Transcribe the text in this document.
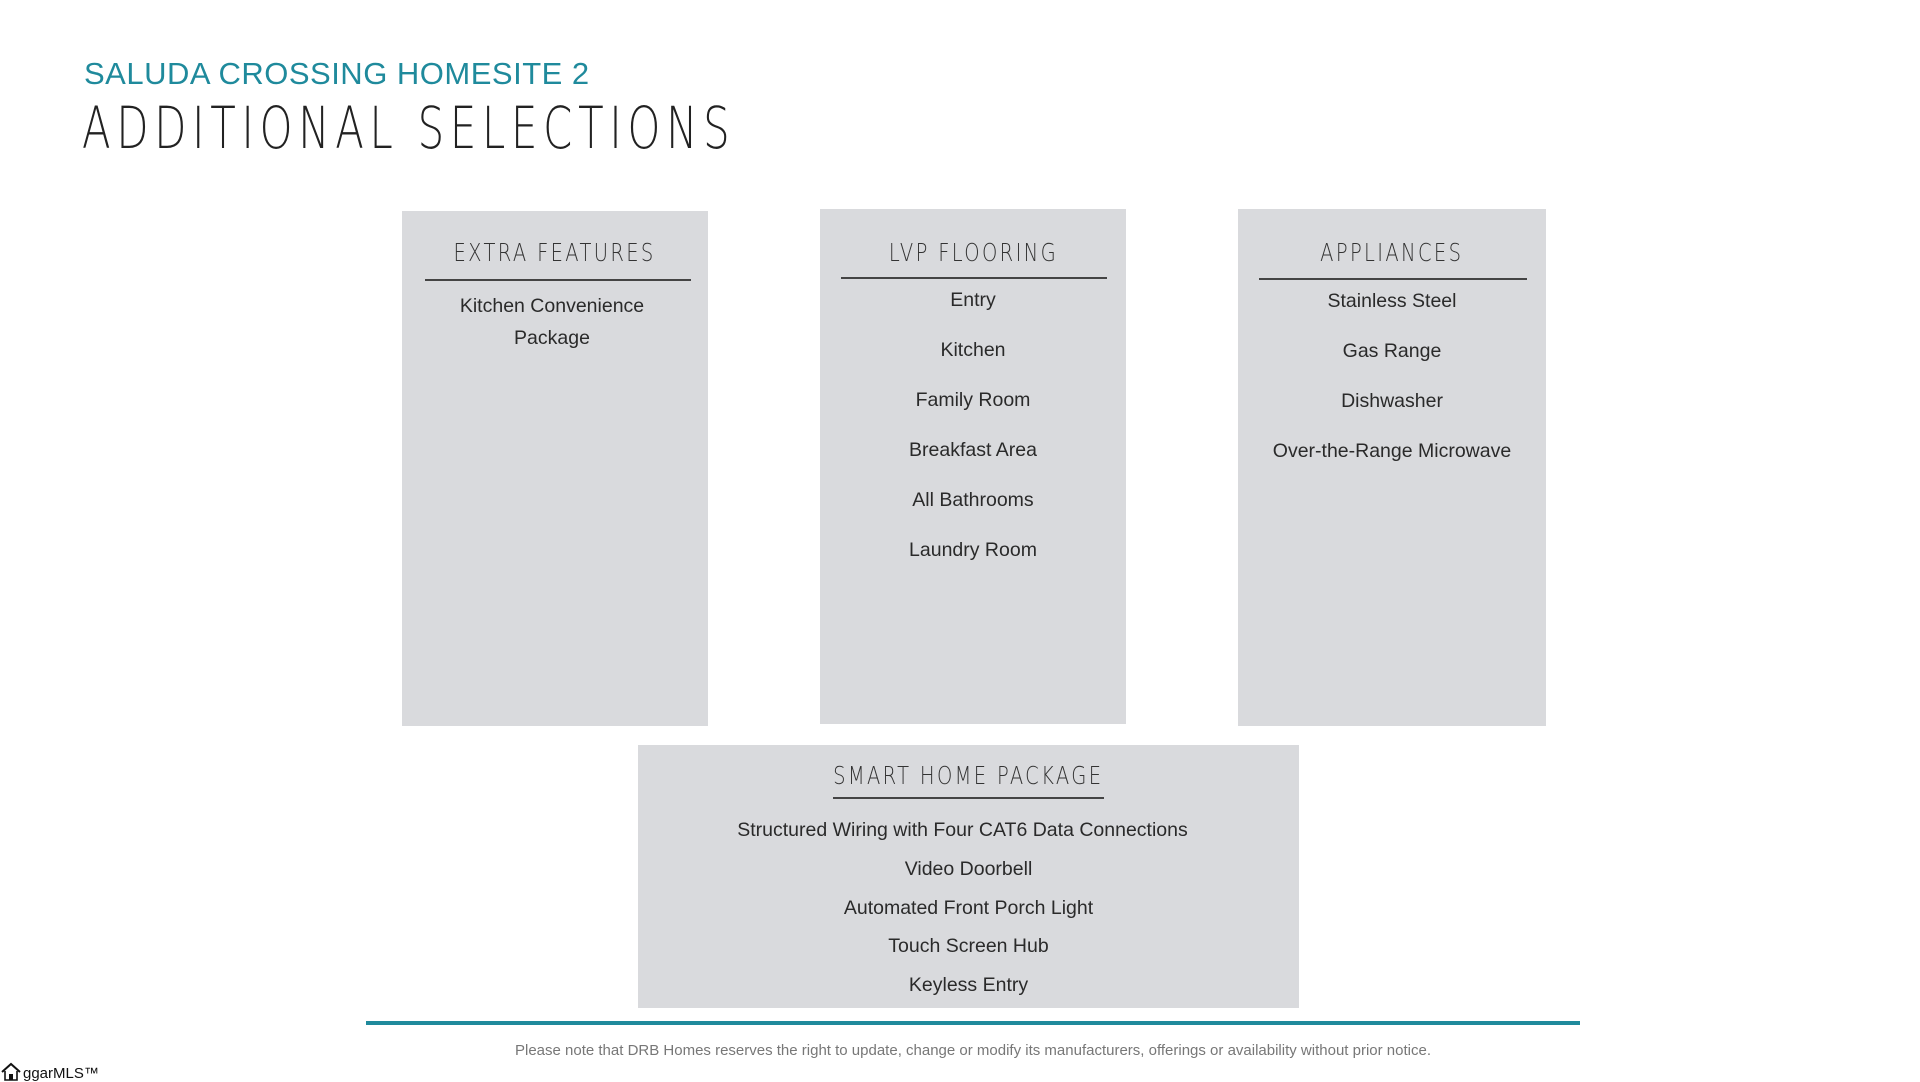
SALUDA CROSSING HOMESITE 2
ADDITIONAL SELECTIONS
EXTRA FEATURES
Kitchen Convenience
Package
LVP FLOORING
Entry
Kitchen
Family Room
Breakfast Area
All Bathrooms
Laundry Room
APPLIANCES
Stainless Steel
Gas Range
Dishwasher
Over-the-Range Microwave
SMART HOME PACKAGE
Structured Wiring with Four CAT6 Data Connections
Video Doorbell
Automated Front Porch Light
Touch Screen Hub
Keyless Entry
Please note that DRB Homes reserves the right to update, change or modify its manufacturers, offerings or availability without prior notice.
ggarMLS™
